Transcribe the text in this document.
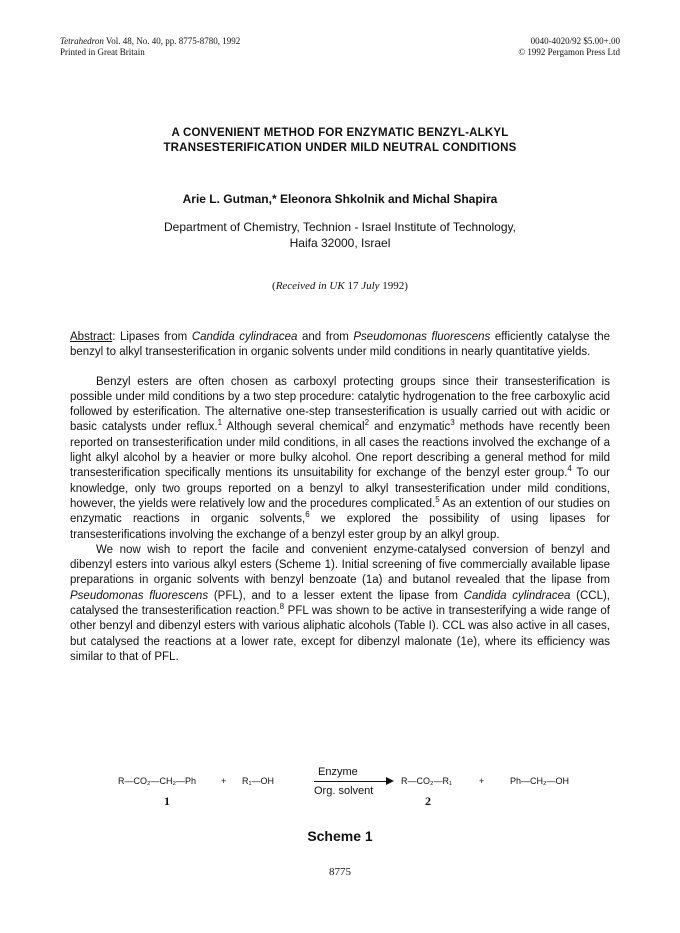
Tetrahedron Vol. 48, No. 40, pp. 8775-8780, 1992
Printed in Great Britain
0040-4020/92 $5.00+.00
© 1992 Pergamon Press Ltd
A CONVENIENT METHOD FOR ENZYMATIC BENZYL-ALKYL
TRANSESTERIFICATION UNDER MILD NEUTRAL CONDITIONS
Arie L. Gutman,* Eleonora Shkolnik and Michal Shapira
Department of Chemistry, Technion - Israel Institute of Technology,
Haifa 32000, Israel
(Received in UK 17 July 1992)

Abstract: Lipases from Candida cylindracea and from Pseudomonas fluorescens efficiently catalyse the benzyl to alkyl transesterification in organic solvents under mild conditions in nearly quantitative yields.

Benzyl esters are often chosen as carboxyl protecting groups since their transesterification is possible under mild conditions by a two step procedure: catalytic hydrogenation to the free carboxylic acid followed by esterification. The alternative one-step transesterification is usually carried out with acidic or basic catalysts under reflux.$^1$ Although several chemical$^2$ and enzymatic$^3$ methods have recently been reported on transesterification under mild conditions, in all cases the reactions involved the exchange of a light alkyl alcohol by a heavier or more bulky alcohol. One report describing a general method for mild transesterification specifically mentions its unsuitability for exchange of the benzyl ester group.$^4$ To our knowledge, only two groups reported on a benzyl to alkyl transesterification under mild conditions, however, the yields were relatively low and the procedures complicated.$^5$ As an extention of our studies on enzymatic reactions in organic solvents,$^6$ we explored the possibility of using lipases for transesterifications involving the exchange of a benzyl ester group by an alkyl group.

We now wish to report the facile and convenient enzyme-catalysed conversion of benzyl and dibenzyl esters into various alkyl esters (Scheme 1). Initial screening of five commercially available lipase preparations in organic solvents with benzyl benzoate (1a) and butanol revealed that the lipase from Pseudomonas fluorescens (PFL), and to a lesser extent the lipase from Candida cylindracea (CCL), catalysed the transesterification reaction.$^8$ PFL was shown to be active in transesterifying a wide range of other benzyl and dibenzyl esters with various aliphatic alcohols (Table I). CCL was also active in all cases, but catalysed the reactions at a lower rate, except for dibenzyl malonate (1e), where its efficiency was similar to that of PFL.

R—CO₂—CH₂—Ph	+ R₁—OH
Enzyme
Org. solvent
R—CO₂—R₁	+	Ph—CH₂—OH
1	2
Scheme 1
8775
